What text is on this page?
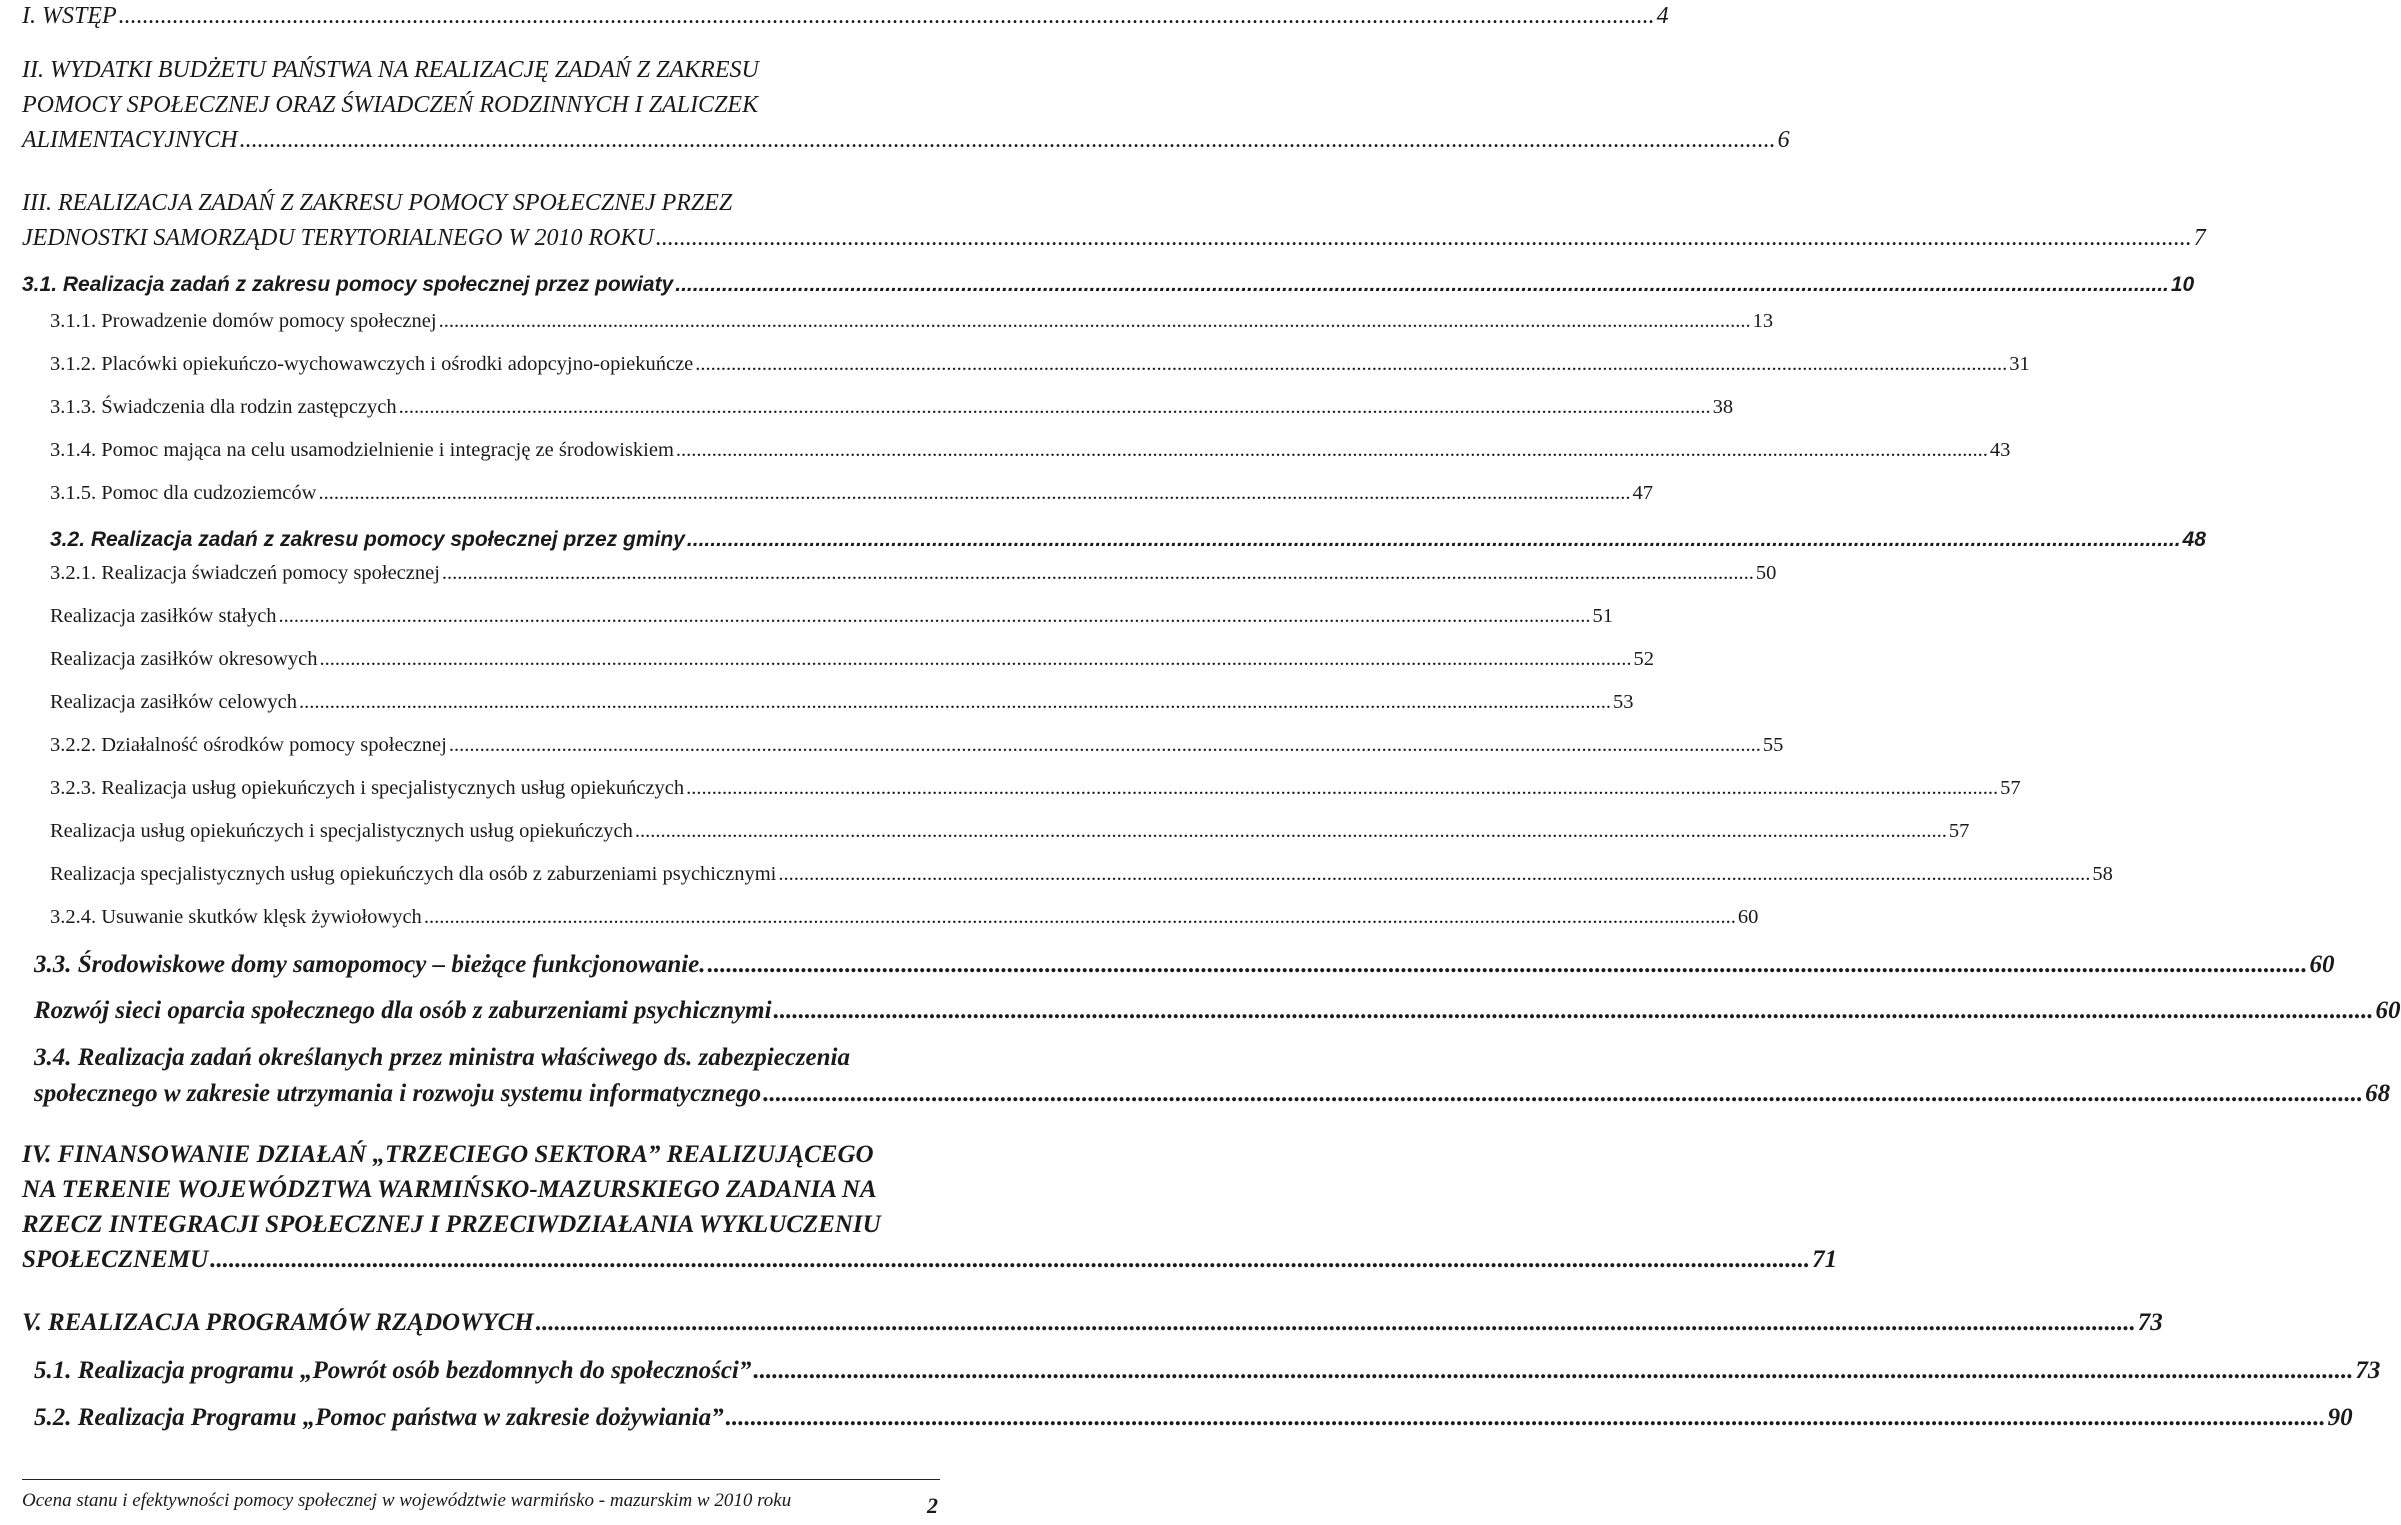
I. WSTĘP .....	4
II. WYDATKI BUDŻETU PAŃSTWA NA REALIZACJĘ ZADAŃ Z ZAKRESU
POMOCY SPOŁECZNEJ ORAZ ŚWIADCZEŃ RODZINNYCH I ZALICZEK
ALIMENTACYJNYCH .....	6
III. REALIZACJA ZADAŃ Z ZAKRESU POMOCY SPOŁECZNEJ PRZEZ
JEDNOSTKI SAMORZĄDU TERYTORIALNEGO W 2010 ROKU .....	7
3.1. Realizacja zadań z zakresu pomocy społecznej przez powiaty .....	10
3.1.1. Prowadzenie domów pomocy społecznej .....	13
3.1.2. Placówki opiekuńczo-wychowawczych i ośrodki adopcyjno-opiekuńcze .....	31
3.1.3. Świadczenia dla rodzin zastępczych .....	38
3.1.4. Pomoc mająca na celu usamodzielnienie i integrację ze środowiskiem .....	43
3.1.5. Pomoc dla cudzoziemców .....	47
3.2. Realizacja zadań z zakresu pomocy społecznej przez gminy .....	48
3.2.1. Realizacja świadczeń pomocy społecznej .....	50
Realizacja zasiłków stałych .....	51
Realizacja zasiłków okresowych .....	52
Realizacja zasiłków celowych .....	53
3.2.2. Działalność ośrodków pomocy społecznej .....	55
3.2.3. Realizacja usług opiekuńczych i specjalistycznych usług opiekuńczych .....	57
Realizacja usług opiekuńczych i specjalistycznych usług opiekuńczych .....	57
Realizacja specjalistycznych usług opiekuńczych dla osób z zaburzeniami psychicznymi .....	58
3.2.4. Usuwanie skutków klęsk żywiołowych .....	60
3.3. Środowiskowe domy samopomocy – bieżące funkcjonowanie. .....	60
Rozwój sieci oparcia społecznego dla osób z zaburzeniami psychicznymi .....	60
3.4. Realizacja zadań określanych przez ministra właściwego ds. zabezpieczenia
społecznego w zakresie utrzymania i rozwoju systemu informatycznego .....	68
IV. FINANSOWANIE DZIAŁAŃ „TRZECIEGO SEKTORA” REALIZUJĄCEGO
NA TERENIE WOJEWÓDZTWA WARMIŃSKO-MAZURSKIEGO ZADANIA NA
RZECZ INTEGRACJI SPOŁECZNEJ I PRZECIWDZIAŁANIA WYKLUCZENIU
SPOŁECZNEMU .....	71
V. REALIZACJA PROGRAMÓW RZĄDOWYCH .....	73
5.1. Realizacja programu „Powrót osób bezdomnych do społeczności” .....	73
5.2. Realizacja Programu „Pomoc państwa w zakresie dożywiania” .....	90
Ocena stanu i efektywności pomocy społecznej w województwie warmińsko - mazurskim w 2010 roku	2
